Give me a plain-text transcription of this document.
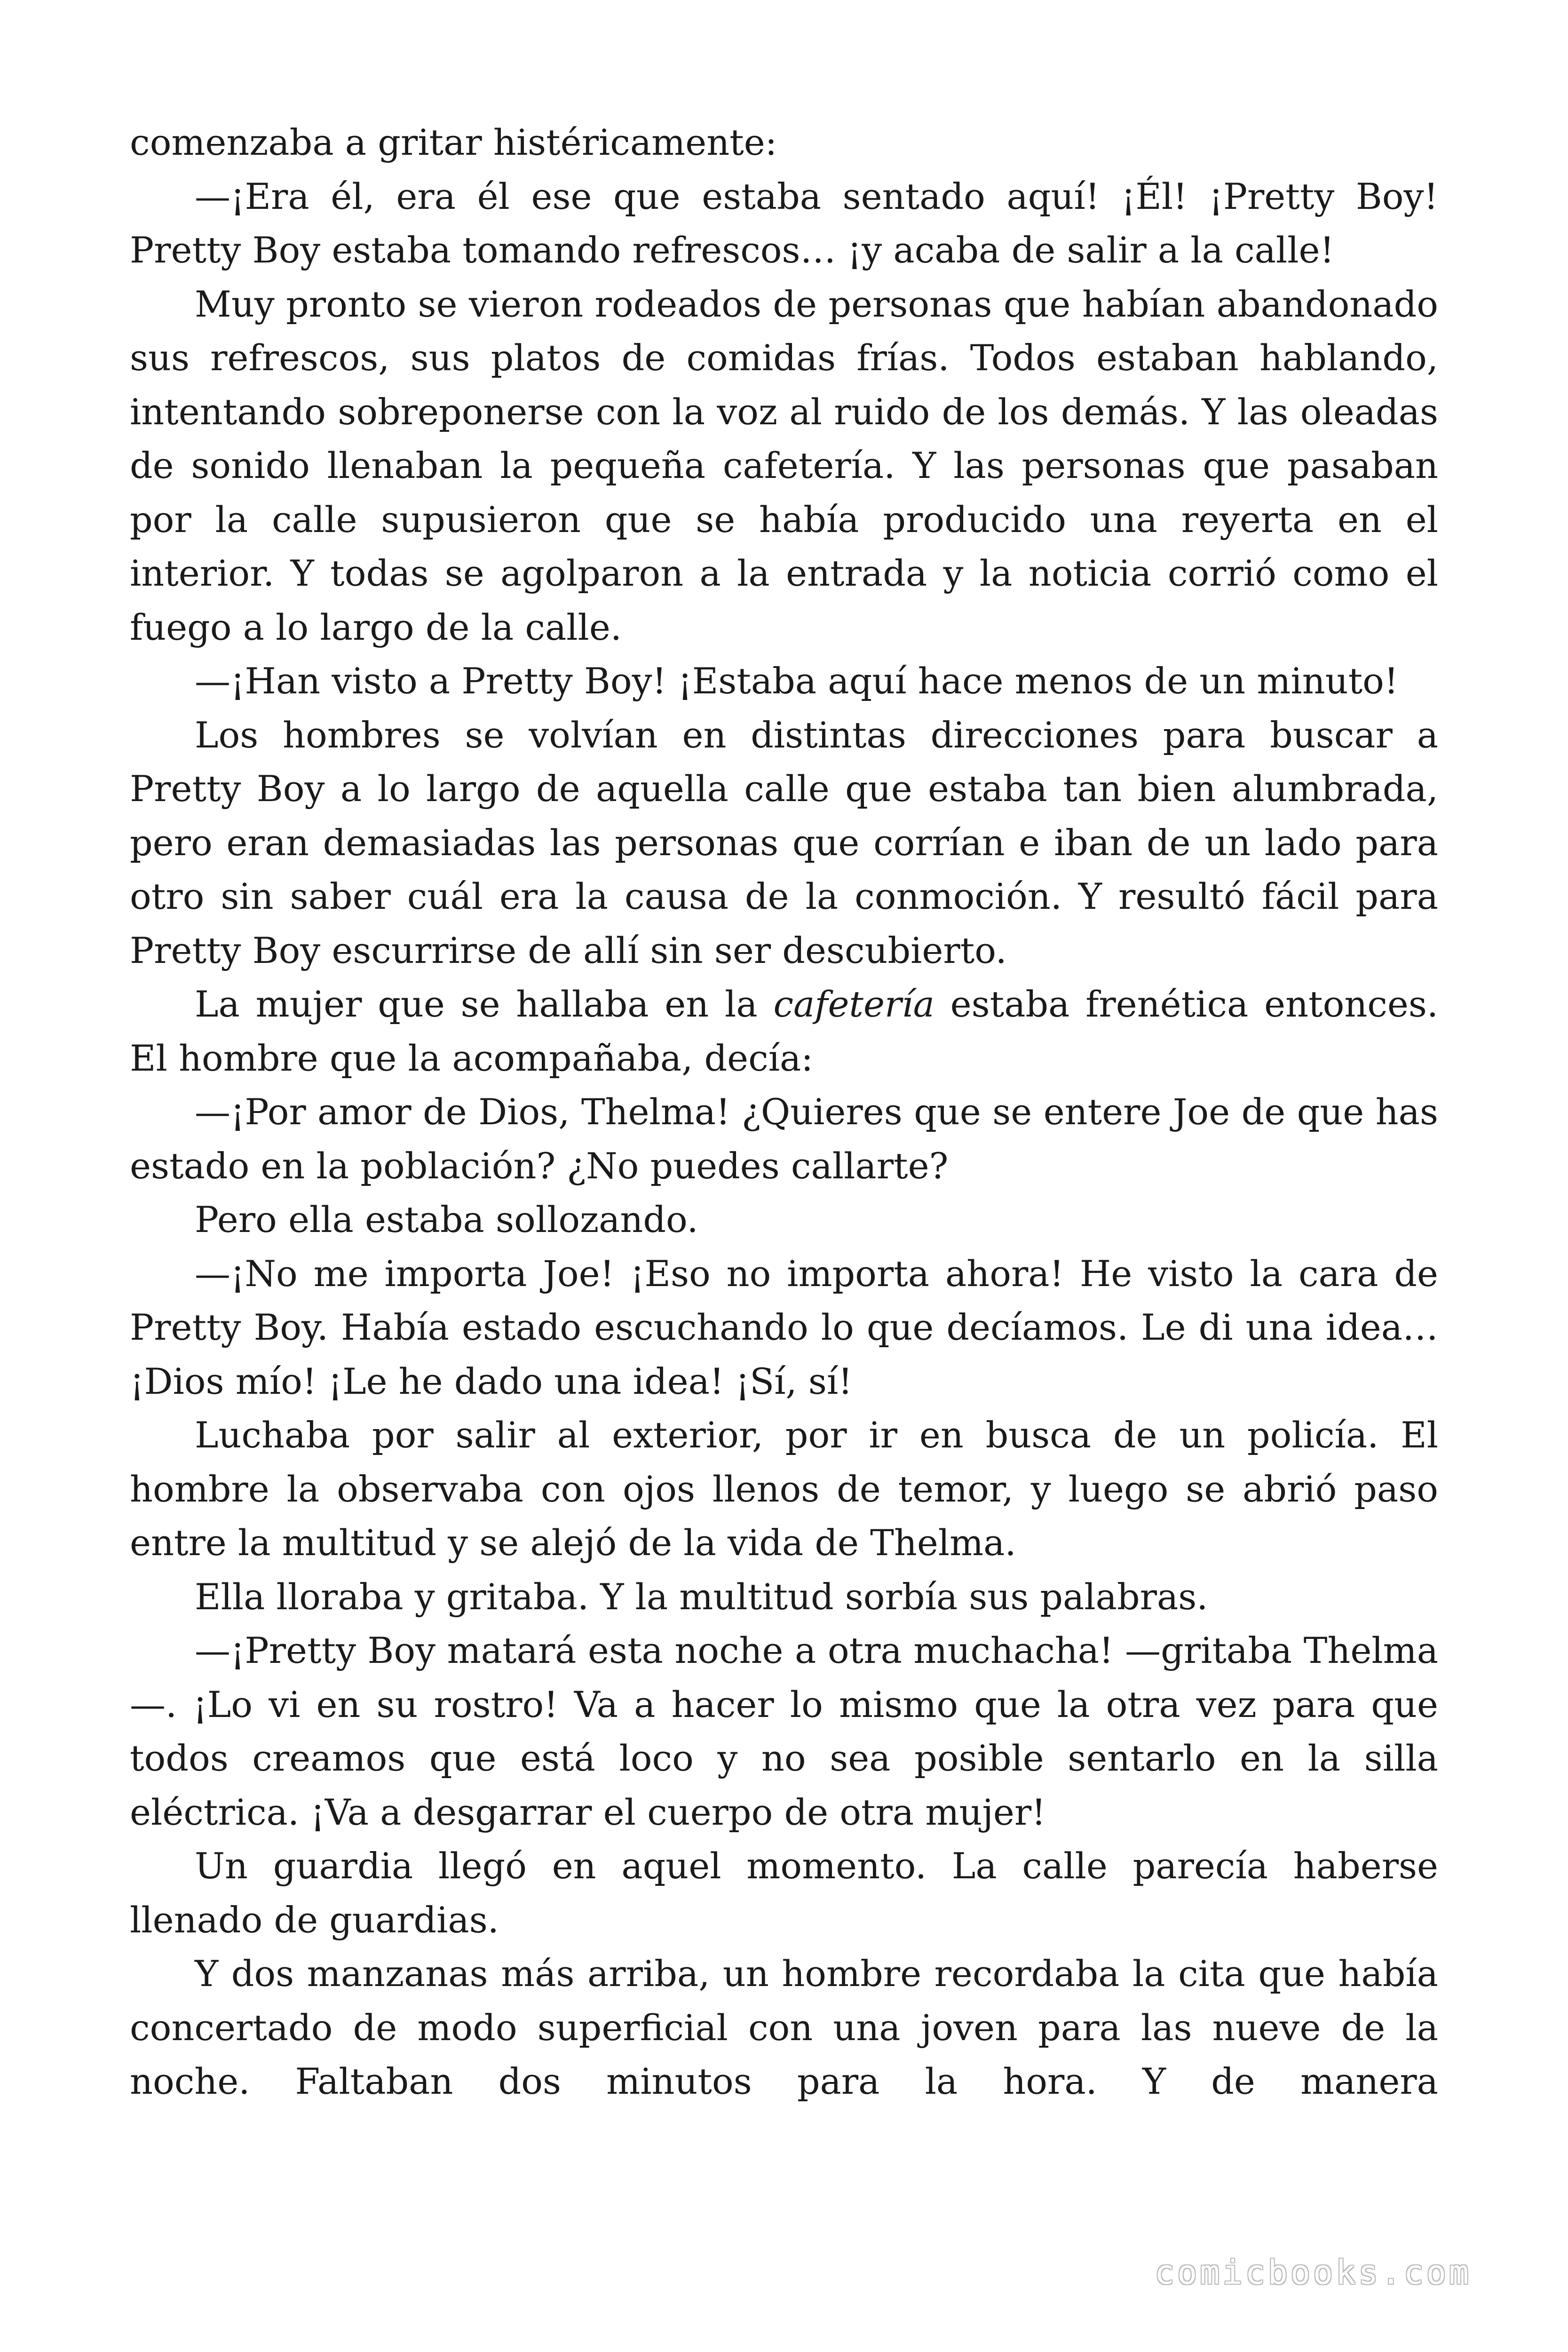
comenzaba a gritar histéricamente:

—¡Era él, era él ese que estaba sentado aquí! ¡Él! ¡Pretty Boy! Pretty Boy estaba tomando refrescos… ¡y acaba de salir a la calle!

Muy pronto se vieron rodeados de personas que habían abandonado sus refrescos, sus platos de comidas frías. Todos estaban hablando, intentando sobreponerse con la voz al ruido de los demás. Y las oleadas de sonido llenaban la pequeña cafetería. Y las personas que pasaban por la calle supusieron que se había producido una reyerta en el interior. Y todas se agolparon a la entrada y la noticia corrió como el fuego a lo largo de la calle.

—¡Han visto a Pretty Boy! ¡Estaba aquí hace menos de un minuto!

Los hombres se volvían en distintas direcciones para buscar a Pretty Boy a lo largo de aquella calle que estaba tan bien alumbrada, pero eran demasiadas las personas que corrían e iban de un lado para otro sin saber cuál era la causa de la conmoción. Y resultó fácil para Pretty Boy escurrirse de allí sin ser descubierto.

La mujer que se hallaba en la cafetería estaba frenética entonces. El hombre que la acompañaba, decía:

—¡Por amor de Dios, Thelma! ¿Quieres que se entere Joe de que has estado en la población? ¿No puedes callarte?

Pero ella estaba sollozando.

—¡No me importa Joe! ¡Eso no importa ahora! He visto la cara de Pretty Boy. Había estado escuchando lo que decíamos. Le di una idea… ¡Dios mío! ¡Le he dado una idea! ¡Sí, sí!

Luchaba por salir al exterior, por ir en busca de un policía. El hombre la observaba con ojos llenos de temor, y luego se abrió paso entre la multitud y se alejó de la vida de Thelma.

Ella lloraba y gritaba. Y la multitud sorbía sus palabras.

—¡Pretty Boy matará esta noche a otra muchacha! —gritaba Thelma—. ¡Lo vi en su rostro! Va a hacer lo mismo que la otra vez para que todos creamos que está loco y no sea posible sentarlo en la silla eléctrica. ¡Va a desgarrar el cuerpo de otra mujer!

Un guardia llegó en aquel momento. La calle parecía haberse llenado de guardias.

Y dos manzanas más arriba, un hombre recordaba la cita que había concertado de modo superficial con una joven para las nueve de la noche. Faltaban dos minutos para la hora. Y de manera

comicbooks.com
